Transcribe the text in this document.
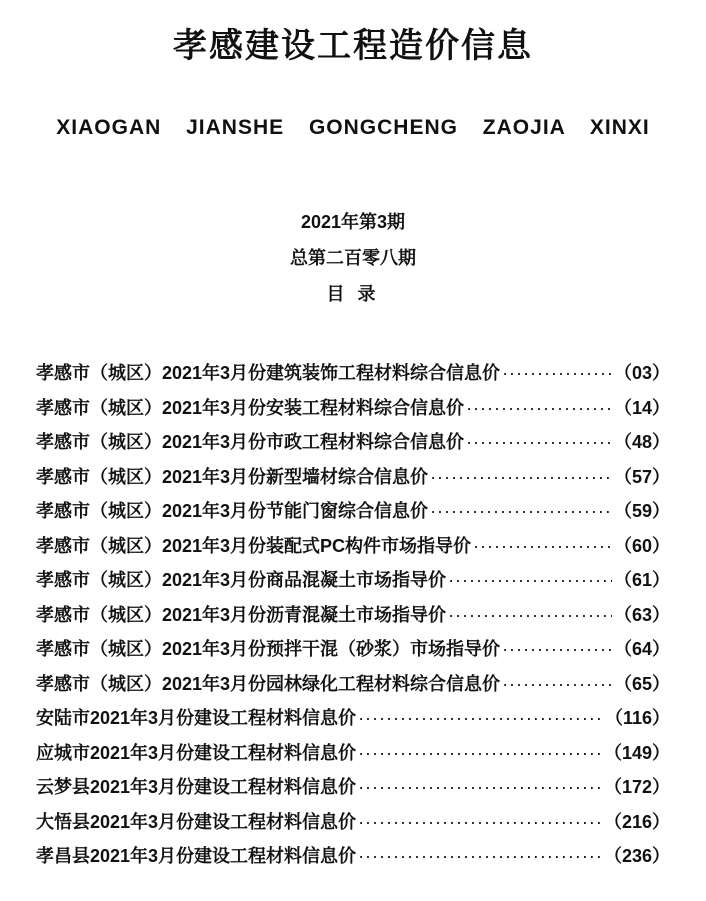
孝感建设工程造价信息
XIAOGAN JIANSHE GONGCHENG ZAOJIA XINXI
2021年第3期
总第二百零八期
目 录
孝感市（城区）2021年3月份建筑装饰工程材料综合信息价 ·····	（03）
孝感市（城区）2021年3月份安装工程材料综合信息价 ·····	（14）
孝感市（城区）2021年3月份市政工程材料综合信息价 ·····	（48）
孝感市（城区）2021年3月份新型墙材综合信息价 ·····	（57）
孝感市（城区）2021年3月份节能门窗综合信息价 ·····	（59）
孝感市（城区）2021年3月份装配式PC构件市场指导价 ·····	（60）
孝感市（城区）2021年3月份商品混凝土市场指导价 ·····	（61）
孝感市（城区）2021年3月份沥青混凝土市场指导价 ·····	（63）
孝感市（城区）2021年3月份预拌干混（砂浆）市场指导价 ·····	（64）
孝感市（城区）2021年3月份园林绿化工程材料综合信息价 ·····	（65）
安陆市2021年3月份建设工程材料信息价 ·····	（116）
应城市2021年3月份建设工程材料信息价 ·····	（149）
云梦县2021年3月份建设工程材料信息价 ·····	（172）
大悟县2021年3月份建设工程材料信息价 ·····	（216）
孝昌县2021年3月份建设工程材料信息价 ·····	（236）
